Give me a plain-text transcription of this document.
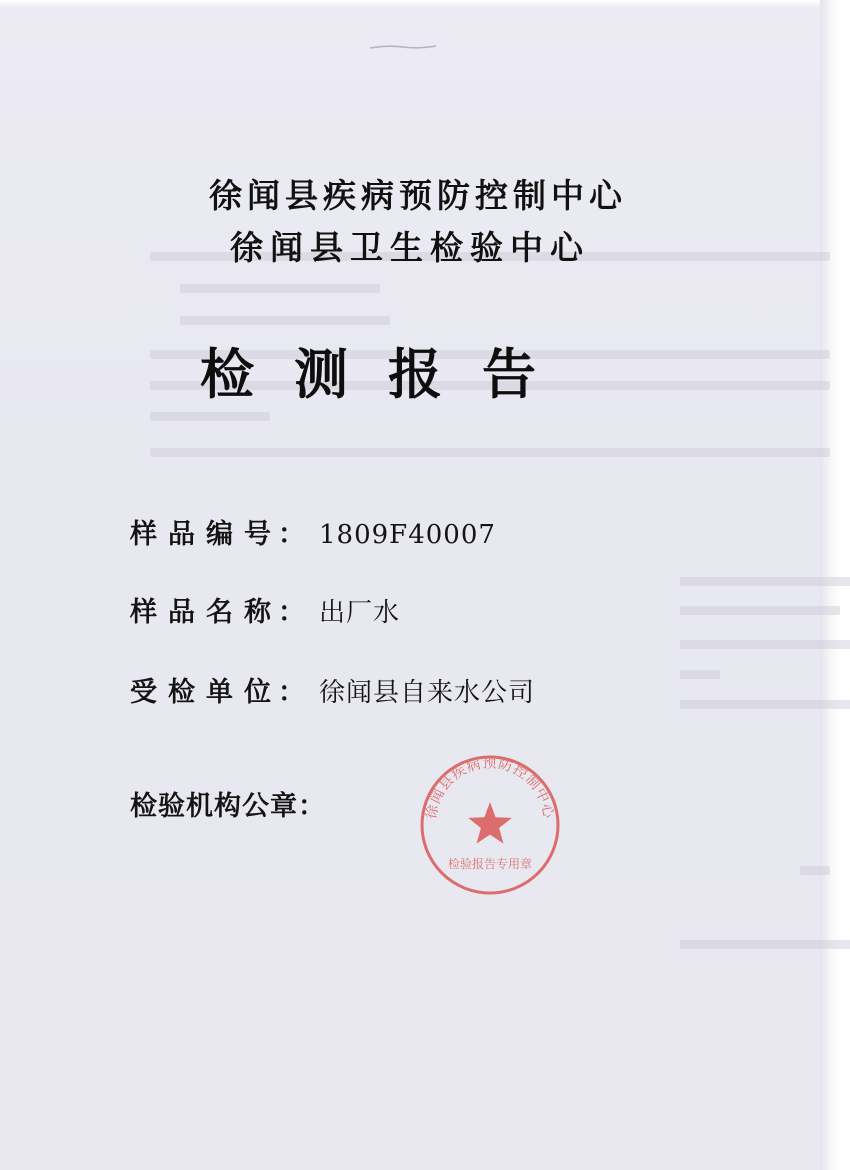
徐闻县疾病预防控制中心
徐闻县卫生检验中心
检测报告
样品编号
： 1809F40007
样品名称
： 出厂水
受检单位
： 徐闻县自来水公司
检验机构公章 ：	徐闻县疾病预防控制中心
检验报告专用章
